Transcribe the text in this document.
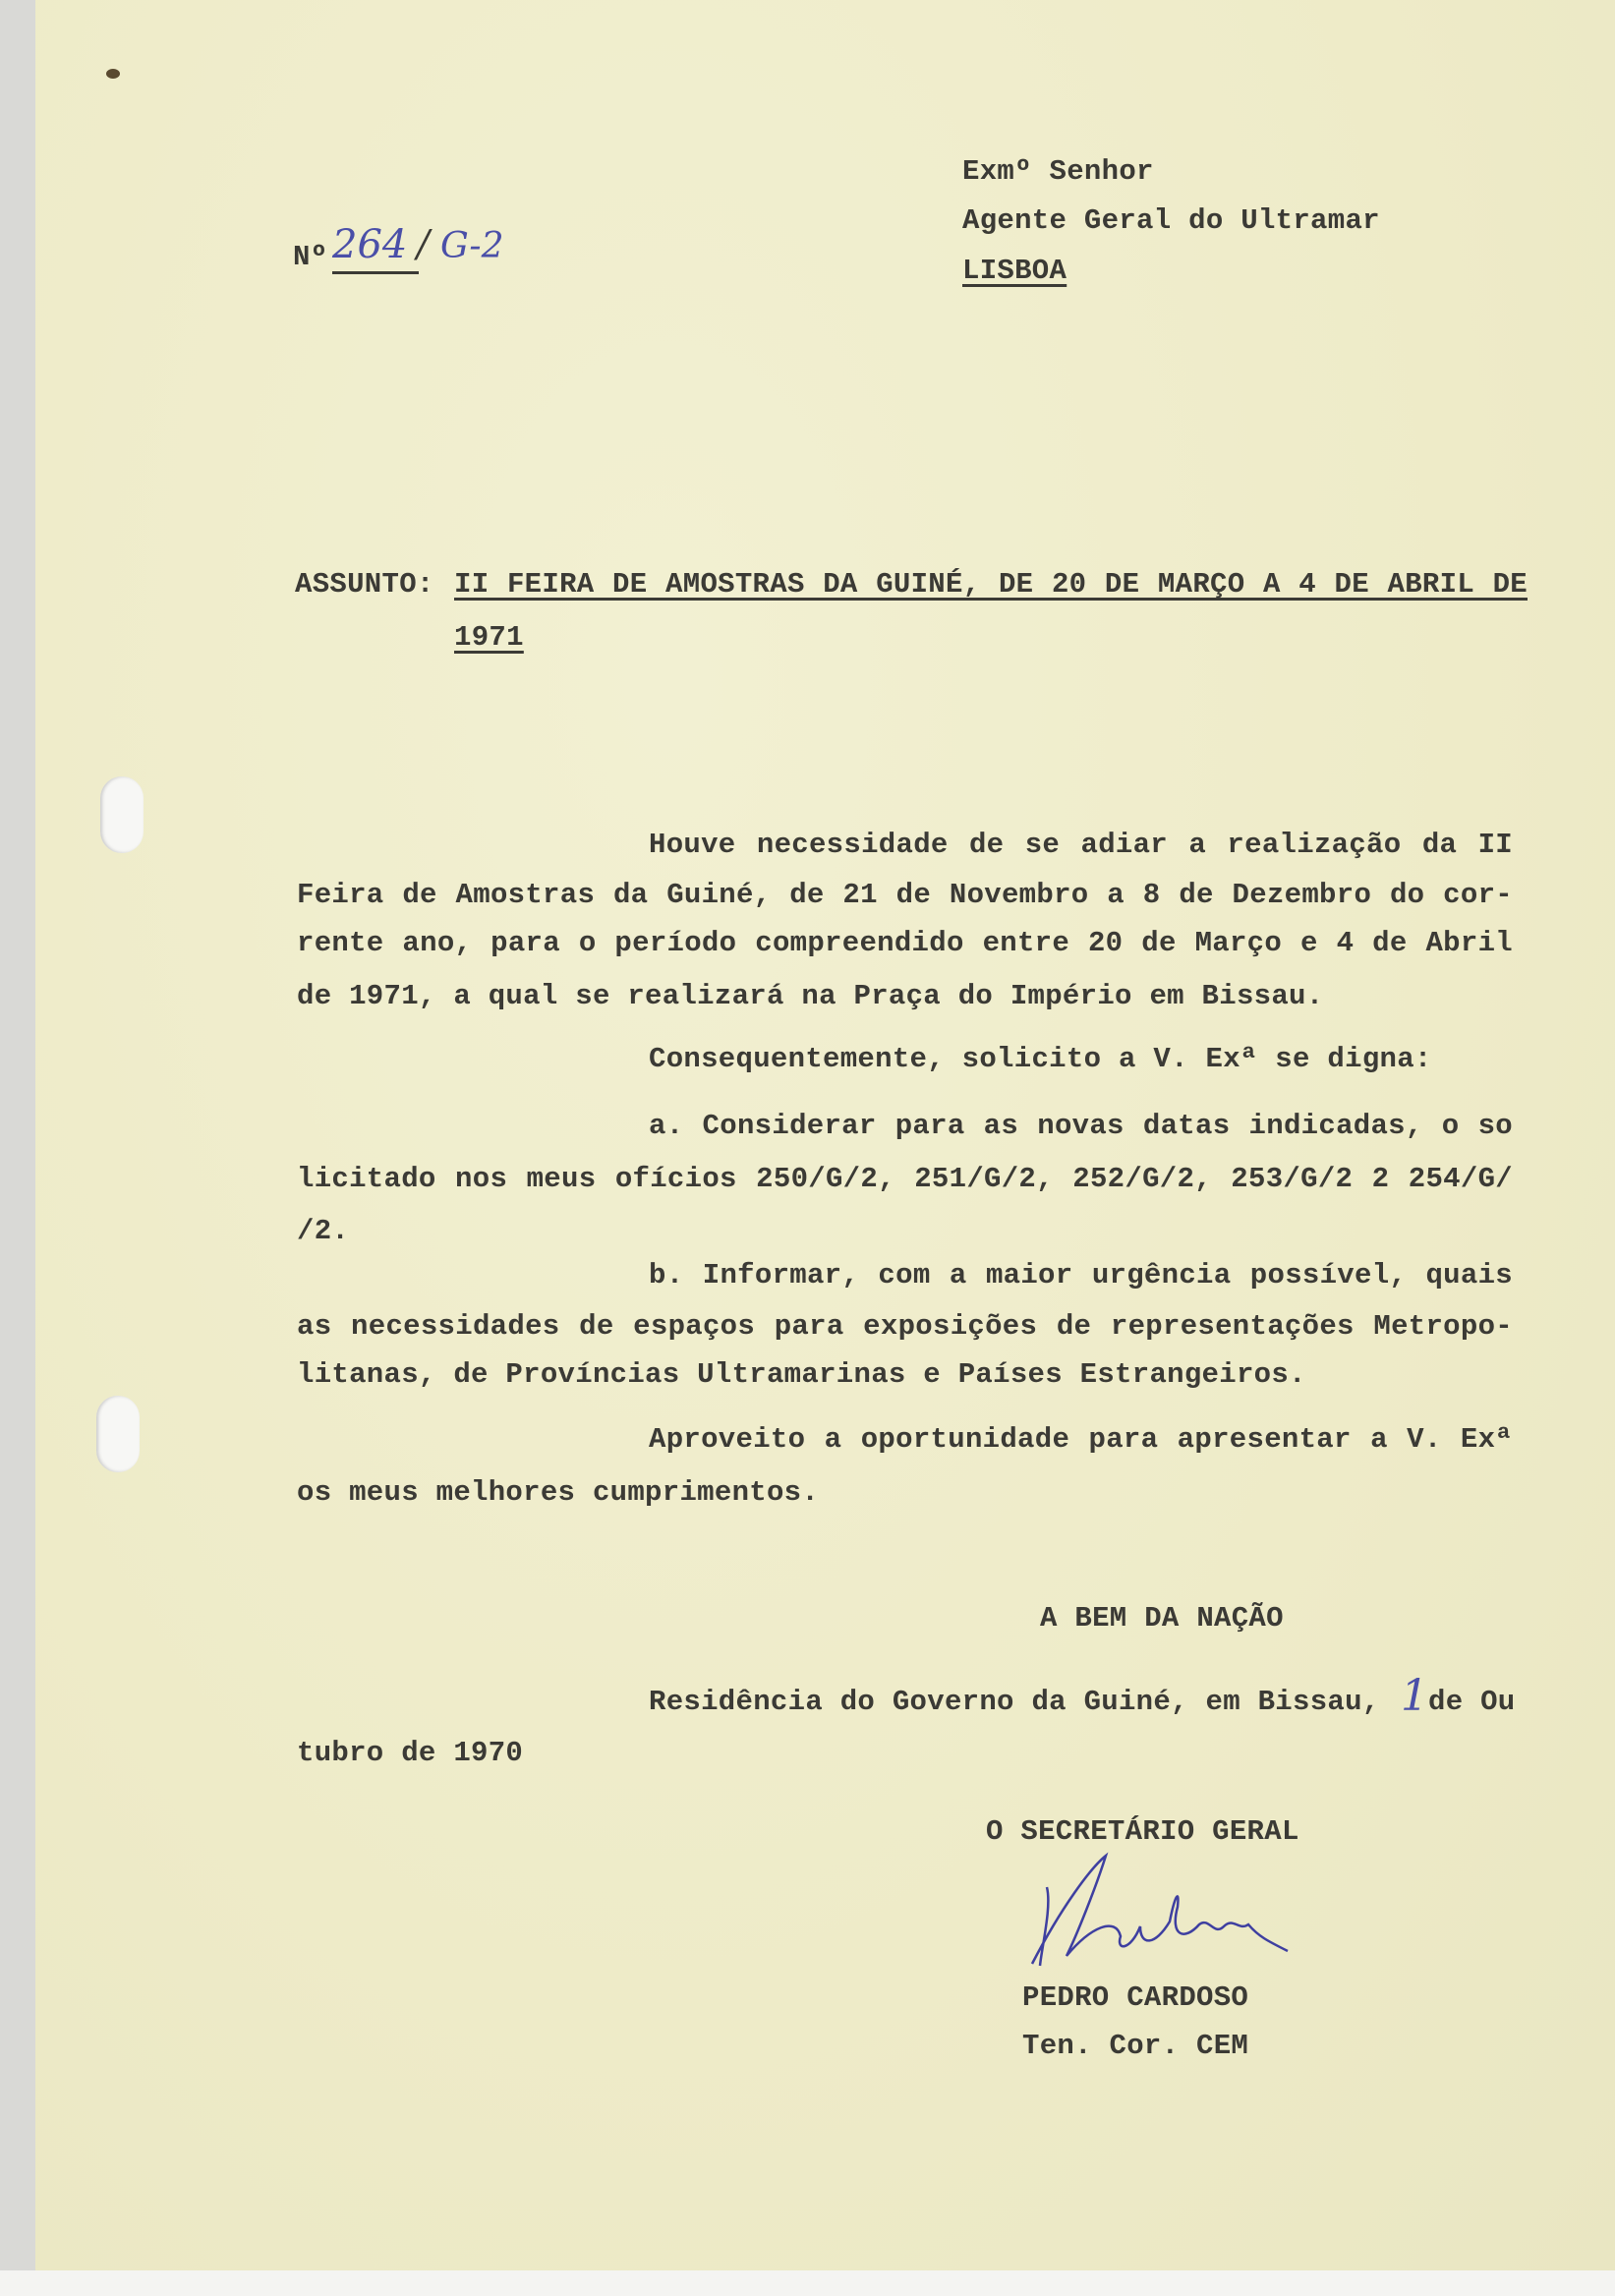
Exmº Senhor
Agente Geral do Ultramar
LISBOA
Nº 264 / G-2
ASSUNTO: II FEIRA DE AMOSTRAS DA GUINÉ, DE 20 DE MARÇO A 4 DE ABRIL DE
1971
Houve necessidade de se adiar a realização da II
Feira de Amostras da Guiné, de 21 de Novembro a 8 de Dezembro do cor-
rente ano, para o período compreendido entre 20 de Março e 4 de Abril
de 1971, a qual se realizará na Praça do Império em Bissau.
Consequentemente, solicito a V. Exª se digna:
a. Considerar para as novas datas indicadas, o so
licitado nos meus ofícios 250/G/2, 251/G/2, 252/G/2, 253/G/2 2 254/G/
/2.
b. Informar, com a maior urgência possível, quais
as necessidades de espaços para exposições de representações Metropo-
litanas, de Províncias Ultramarinas e Países Estrangeiros.
Aproveito a oportunidade para apresentar a V. Exª
os meus melhores cumprimentos.
A BEM DA NAÇÃO
Residência do Governo da Guiné, em Bissau, 1 de Ou
tubro de 1970
O SECRETÁRIO GERAL
PEDRO CARDOSO
Ten. Cor. CEM
